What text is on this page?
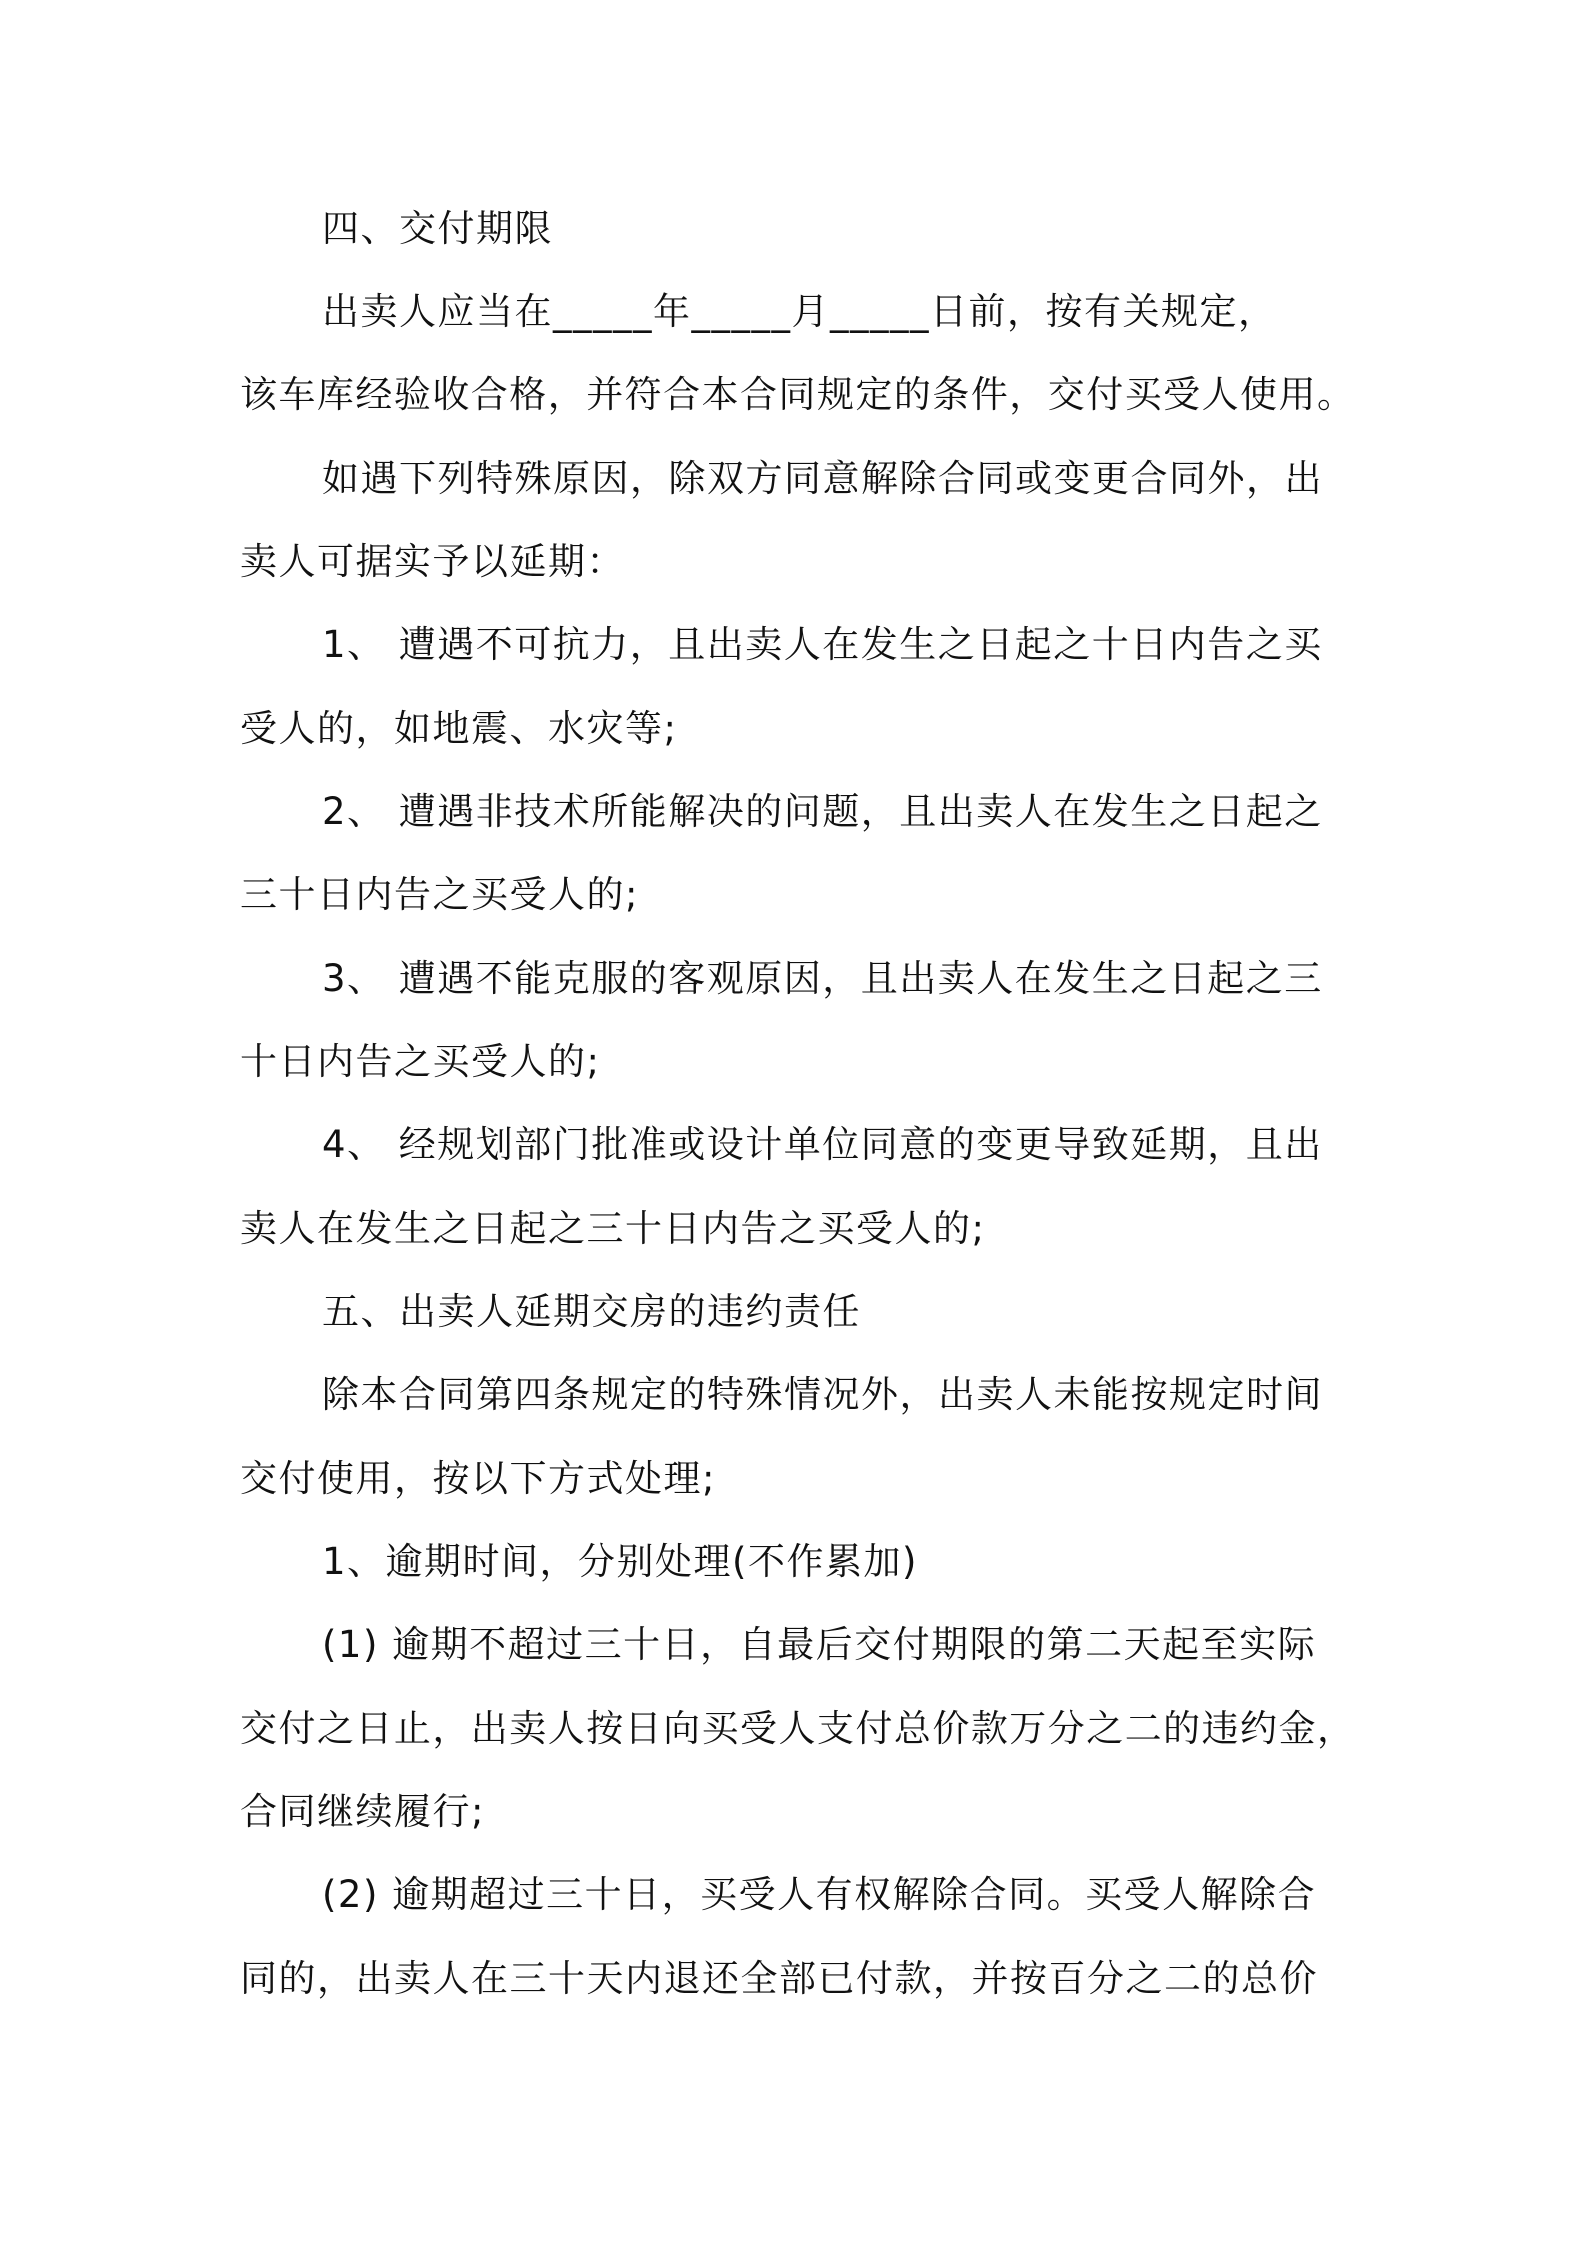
四、交付期限
出卖人应当在_____年_____月_____日前，按有关规定，
该车库经验收合格，并符合本合同规定的条件，交付买受人使用。
如遇下列特殊原因，除双方同意解除合同或变更合同外，出
卖人可据实予以延期：
1、 遭遇不可抗力，且出卖人在发生之日起之十日内告之买
受人的，如地震、水灾等;
2、 遭遇非技术所能解决的问题，且出卖人在发生之日起之
三十日内告之买受人的;
3、 遭遇不能克服的客观原因，且出卖人在发生之日起之三
十日内告之买受人的;
4、 经规划部门批准或设计单位同意的变更导致延期，且出
卖人在发生之日起之三十日内告之买受人的;
五、出卖人延期交房的违约责任
除本合同第四条规定的特殊情况外，出卖人未能按规定时间
交付使用，按以下方式处理;
1、逾期时间，分别处理(不作累加)
(1) 逾期不超过三十日，自最后交付期限的第二天起至实际
交付之日止，出卖人按日向买受人支付总价款万分之二的违约金，
合同继续履行;
(2) 逾期超过三十日，买受人有权解除合同。买受人解除合
同的，出卖人在三十天内退还全部已付款，并按百分之二的总价
